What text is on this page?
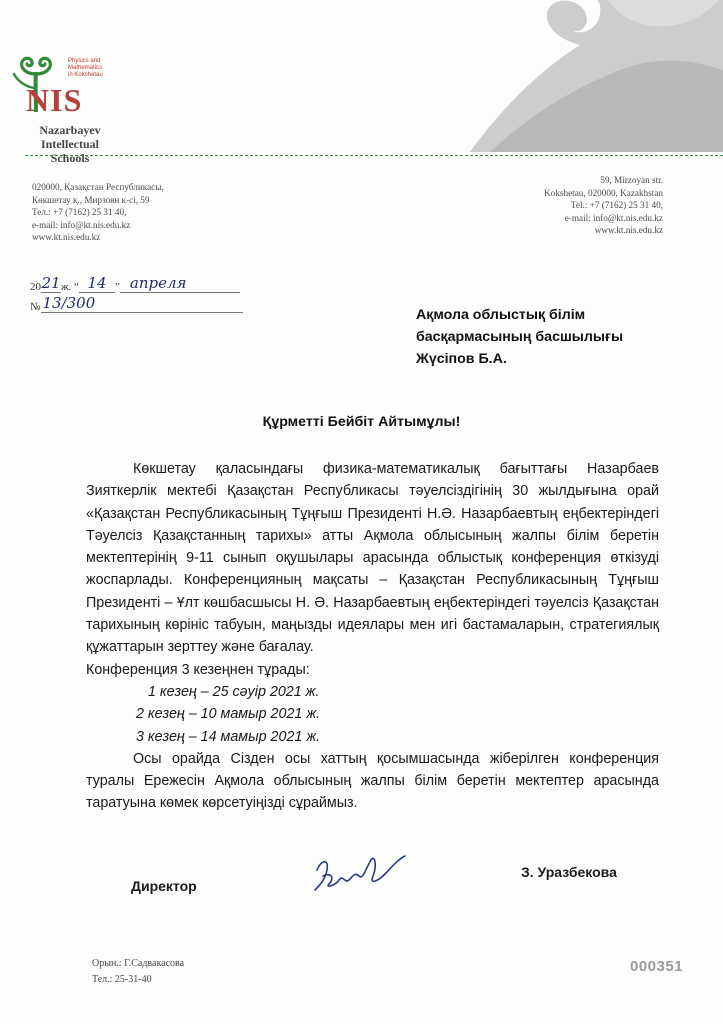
Physics and
Mathematics
in Kokshetau
NIS
Nazarbayev
Intellectual
Schools
020000, Қазақстан Республикасы,
Көкшетау қ., Мирзоян к-сі, 59
Тел.: +7 (7162) 25 31 40,
e-mail: info@kt.nis.edu.kz
www.kt.nis.edu.kz
59, Mirzoyan str.
Kokshetau, 020000, Kazakhstan
Tel.: +7 (7162) 25 31 40,
e-mail: info@kt.nis.edu.kz
www.kt.nis.edu.kz
20 21 ж. “ 14 ” апреля
№ 13/300
Ақмола облыстық білім
басқармасының басшылығы
Жүсіпов Б.А.
Құрметті Бейбіт Айтымұлы!

Көкшетау қаласындағы физика-математикалық бағыттағы Назарбаев Зияткерлік мектебі Қазақстан Республикасы тәуелсіздігінің 30 жылдығына орай «Қазақстан Республикасының Тұңғыш Президенті Н.Ә. Назарбаевтың еңбектеріндегі Тәуелсіз Қазақстанның тарихы» атты Ақмола облысының жалпы білім беретін мектептерінің 9-11 сынып оқушылары арасында облыстық конференция өткізуді жоспарлады. Конференцияның мақсаты – Қазақстан Республикасының Тұңғыш Президенті – Ұлт көшбасшысы Н. Ә. Назарбаевтың еңбектеріндегі тәуелсіз Қазақстан тарихының көрініс табуын, маңызды идеялары мен игі бастамаларын, стратегиялық құжаттарын зерттеу және бағалау.

Конференция 3 кезеңнен тұрады:

1 кезең – 25 сәуір 2021 ж.

2 кезең – 10 мамыр 2021 ж.

3 кезең – 14 мамыр 2021 ж.

Осы орайда Сізден осы хаттың қосымшасында жіберілген конференция туралы Ережесін Ақмола облысының жалпы білім беретін мектептер арасында таратуына көмек көрсетуіңізді сұраймыз.

Директор
З. Уразбекова
Орын.: Г.Садвакасова
Тел.: 25-31-40
000351
